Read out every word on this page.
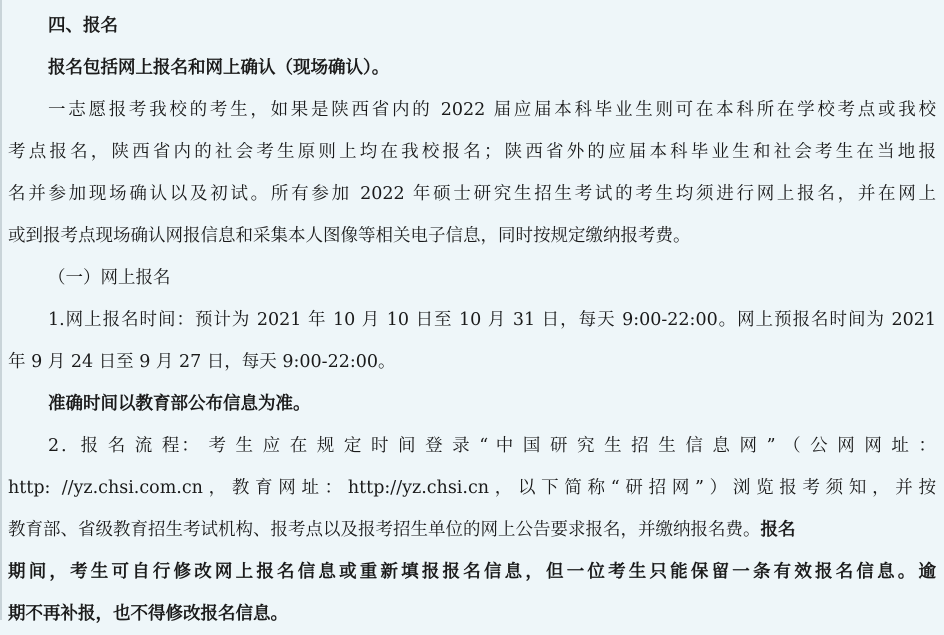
四、报名
报名包括网上报名和网上确认（现场确认）。
一志愿报考我校的考生，如果是陕西省内的 2022 届应届本科毕业生则可在本科所在学校考点或我校
考点报名，陕西省内的社会考生原则上均在我校报名；陕西省外的应届本科毕业生和社会考生在当地报
名并参加现场确认以及初试。所有参加 2022 年硕士研究生招生考试的考生均须进行网上报名，并在网上
或到报考点现场确认网报信息和采集本人图像等相关电子信息，同时按规定缴纳报考费。
（一）网上报名
1.网上报名时间：预计为 2021 年 10 月 10 日至 10 月 31 日，每天 9:00-22:00。网上预报名时间为 2021
年 9 月 24 日至 9 月 27 日，每天 9:00-22:00。
准确时间以教育部公布信息为准。
2．报 名 流 程： 考 生 应 在 规 定 时 间 登 录 “ 中 国 研 究 生 招 生 信 息 网 ” （ 公 网 网 址 ：
http: //yz.chsi.com.cn，教育网址：http://yz.chsi.cn，以下简称“研招网”）浏览报考须知，并按
教育部、省级教育招生考试机构、报考点以及报考招生单位的网上公告要求报名，并缴纳报名费。报名
期间，考生可自行修改网上报名信息或重新填报报名信息，但一位考生只能保留一条有效报名信息。逾
期不再补报，也不得修改报名信息。
